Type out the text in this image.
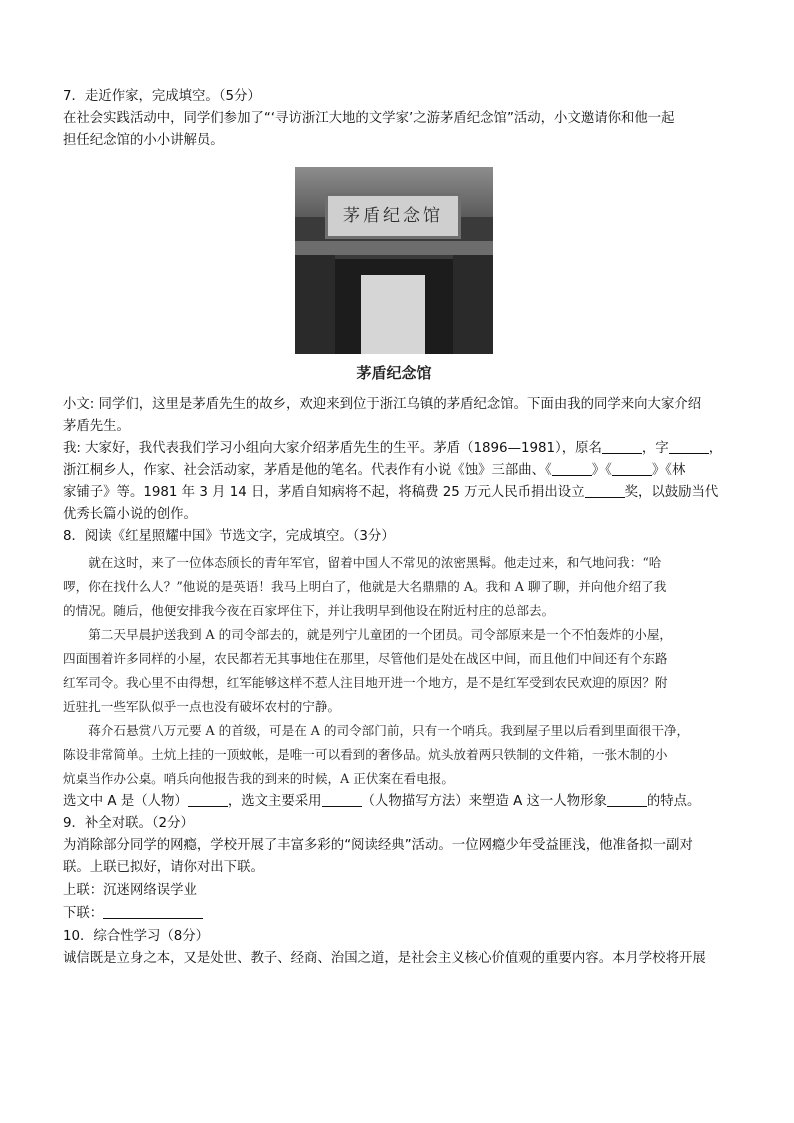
7．走近作家，完成填空。（5分）

在社会实践活动中，同学们参加了“‘寻访浙江大地的文学家’之游茅盾纪念馆”活动，小文邀请你和他一起

担任纪念馆的小小讲解员。

茅盾纪念馆
茅盾纪念馆

小文: 同学们，这里是茅盾先生的故乡，欢迎来到位于浙江乌镇的茅盾纪念馆。下面由我的同学来向大家介绍

茅盾先生。

我: 大家好，我代表我们学习小组向大家介绍茅盾先生的生平。茅盾（1896—1981），原名	，字	，

浙江桐乡人，作家、社会活动家，茅盾是他的笔名。代表作有小说《蚀》三部曲、《	》《	》《林

家铺子》等。1981 年 3 月 14 日，茅盾自知病将不起，将稿费 25 万元人民币捐出设立	奖，以鼓励当代

优秀长篇小说的创作。

8．阅读《红星照耀中国》节选文字，完成填空。（3分）

就在这时，来了一位体态颀长的青年军官，留着中国人不常见的浓密黑髯。他走过来，和气地问我：“哈
啰，你在找什么人？”他说的是英语！我马上明白了，他就是大名鼎鼎的 A。我和 A 聊了聊，并向他介绍了我
的情况。随后，他便安排我今夜在百家坪住下，并让我明早到他设在附近村庄的总部去。
第二天早晨护送我到 A 的司令部去的，就是列宁儿童团的一个团员。司令部原来是一个不怕轰炸的小屋，
四面围着许多同样的小屋，农民都若无其事地住在那里，尽管他们是处在战区中间，而且他们中间还有个东路
红军司令。我心里不由得想，红军能够这样不惹人注目地开进一个地方，是不是红军受到农民欢迎的原因？附
近驻扎一些军队似乎一点也没有破坏农村的宁静。
蒋介石悬赏八万元要 A 的首级，可是在 A 的司令部门前，只有一个哨兵。我到屋子里以后看到里面很干净，
陈设非常简单。土炕上挂的一顶蚊帐，是唯一可以看到的奢侈品。炕头放着两只铁制的文件箱，一张木制的小
炕桌当作办公桌。哨兵向他报告我的到来的时候，A 正伏案在看电报。

选文中 A 是（人物）	，选文主要采用	（人物描写方法）来塑造 A 这一人物形象	的特点。

9．补全对联。（2分）

为消除部分同学的网瘾，学校开展了丰富多彩的“阅读经典”活动。一位网瘾少年受益匪浅，他准备拟一副对

联。上联已拟好，请你对出下联。

上联：沉迷网络误学业

下联：

10．综合性学习（8分）

诚信既是立身之本，又是处世、教子、经商、治国之道，是社会主义核心价值观的重要内容。本月学校将开展
